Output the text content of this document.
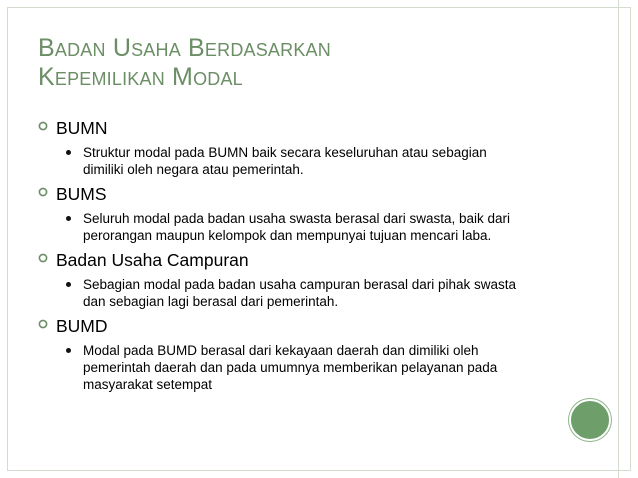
Badan Usaha Berdasarkan
Kepemilikan Modal
BUMN
Struktur modal pada BUMN baik secara keseluruhan atau sebagian
dimiliki oleh negara atau pemerintah.
BUMS
Seluruh modal pada badan usaha swasta berasal dari swasta, baik dari
perorangan maupun kelompok dan mempunyai tujuan mencari laba.
Badan Usaha Campuran
Sebagian modal pada badan usaha campuran berasal dari pihak swasta
dan sebagian lagi berasal dari pemerintah.
BUMD
Modal pada BUMD berasal dari kekayaan daerah dan dimiliki oleh
pemerintah daerah dan pada umumnya memberikan pelayanan pada
masyarakat setempat
